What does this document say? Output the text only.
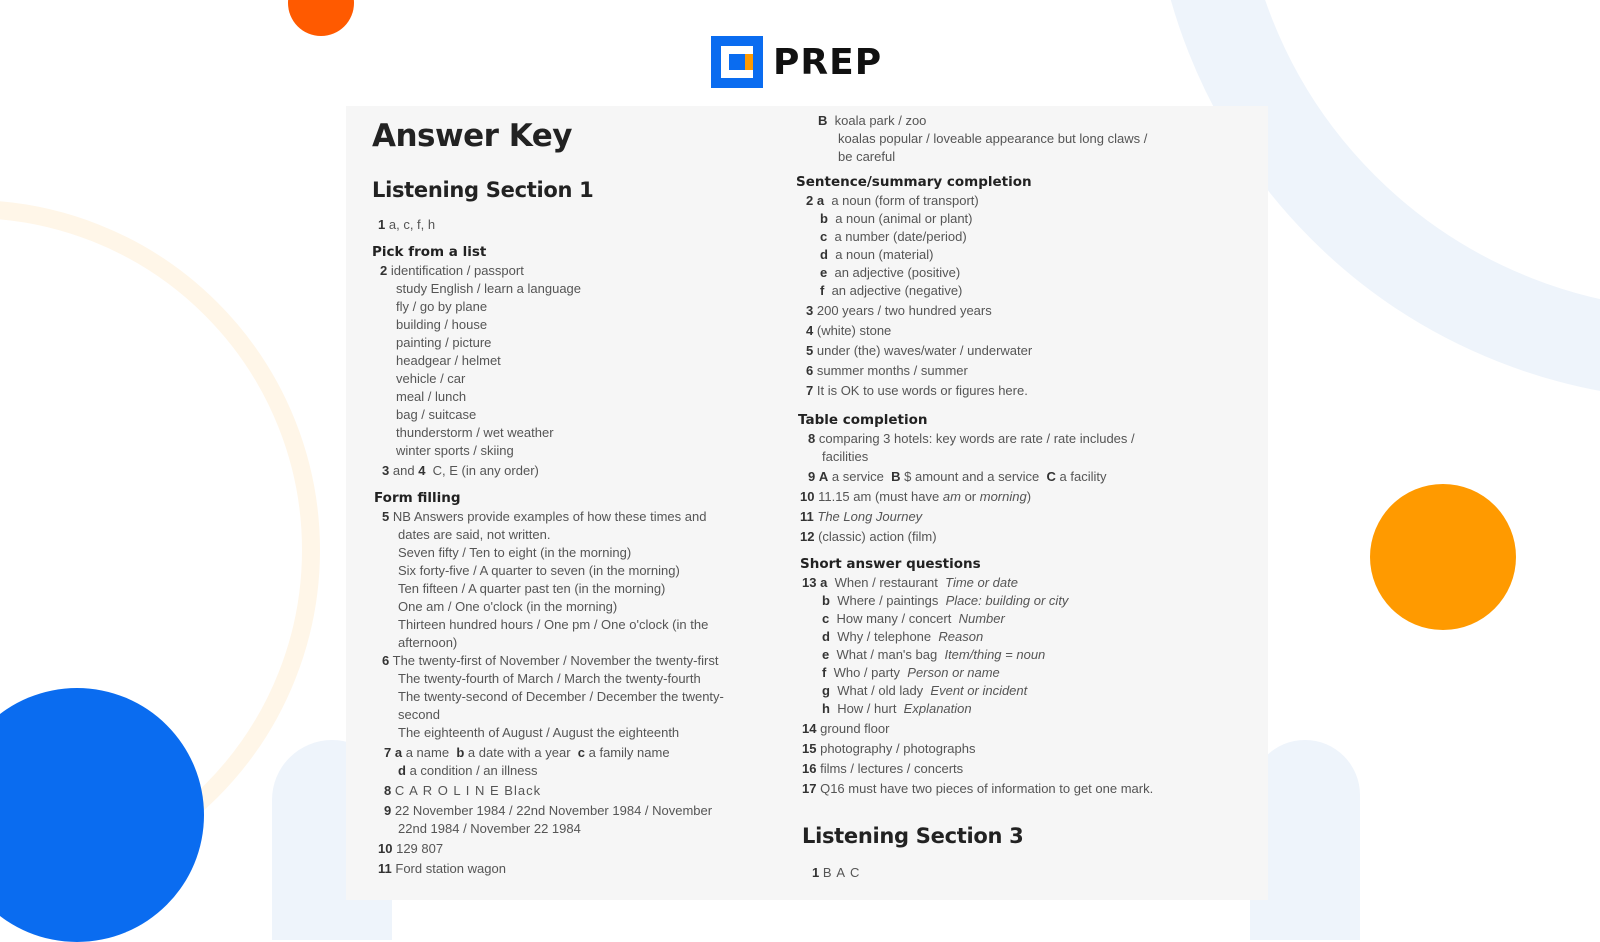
PREP
Answer Key
Listening Section 1
1 a, c, f, h
Pick from a list
2 identification / passport
study English / learn a language
fly / go by plane
building / house
painting / picture
headgear / helmet
vehicle / car
meal / lunch
bag / suitcase
thunderstorm / wet weather
winter sports / skiing
3 and 4 C, E (in any order)
Form filling
5 NB Answers provide examples of how these times and
dates are said, not written.
Seven fifty / Ten to eight (in the morning)
Six forty-five / A quarter to seven (in the morning)
Ten fifteen / A quarter past ten (in the morning)
One am / One o'clock (in the morning)
Thirteen hundred hours / One pm / One o'clock (in the
afternoon)
6 The twenty-first of November / November the twenty-first
The twenty-fourth of March / March the twenty-fourth
The twenty-second of December / December the twenty-
second
The eighteenth of August / August the eighteenth
7 a a name b a date with a year c a family name
d a condition / an illness
8 C A R O L I N E Black
9 22 November 1984 / 22nd November 1984 / November
22nd 1984 / November 22 1984
10 129 807
11 Ford station wagon
B koala park / zoo
koalas popular / loveable appearance but long claws /
be careful
Sentence/summary completion
2 a a noun (form of transport)
b a noun (animal or plant)
c a number (date/period)
d a noun (material)
e an adjective (positive)
f an adjective (negative)
3 200 years / two hundred years
4 (white) stone
5 under (the) waves/water / underwater
6 summer months / summer
7 It is OK to use words or figures here.
Table completion
8 comparing 3 hotels: key words are rate / rate includes /
facilities
9 A a service B $ amount and a service C a facility
10 11.15 am (must have am or morning)
11 The Long Journey
12 (classic) action (film)
Short answer questions
13 a When / restaurant Time or date
b Where / paintings Place: building or city
c How many / concert Number
d Why / telephone Reason
e What / man's bag Item/thing = noun
f Who / party Person or name
g What / old lady Event or incident
h How / hurt Explanation
14 ground floor
15 photography / photographs
16 films / lectures / concerts
17 Q16 must have two pieces of information to get one mark.
Listening Section 3
1 B A C
